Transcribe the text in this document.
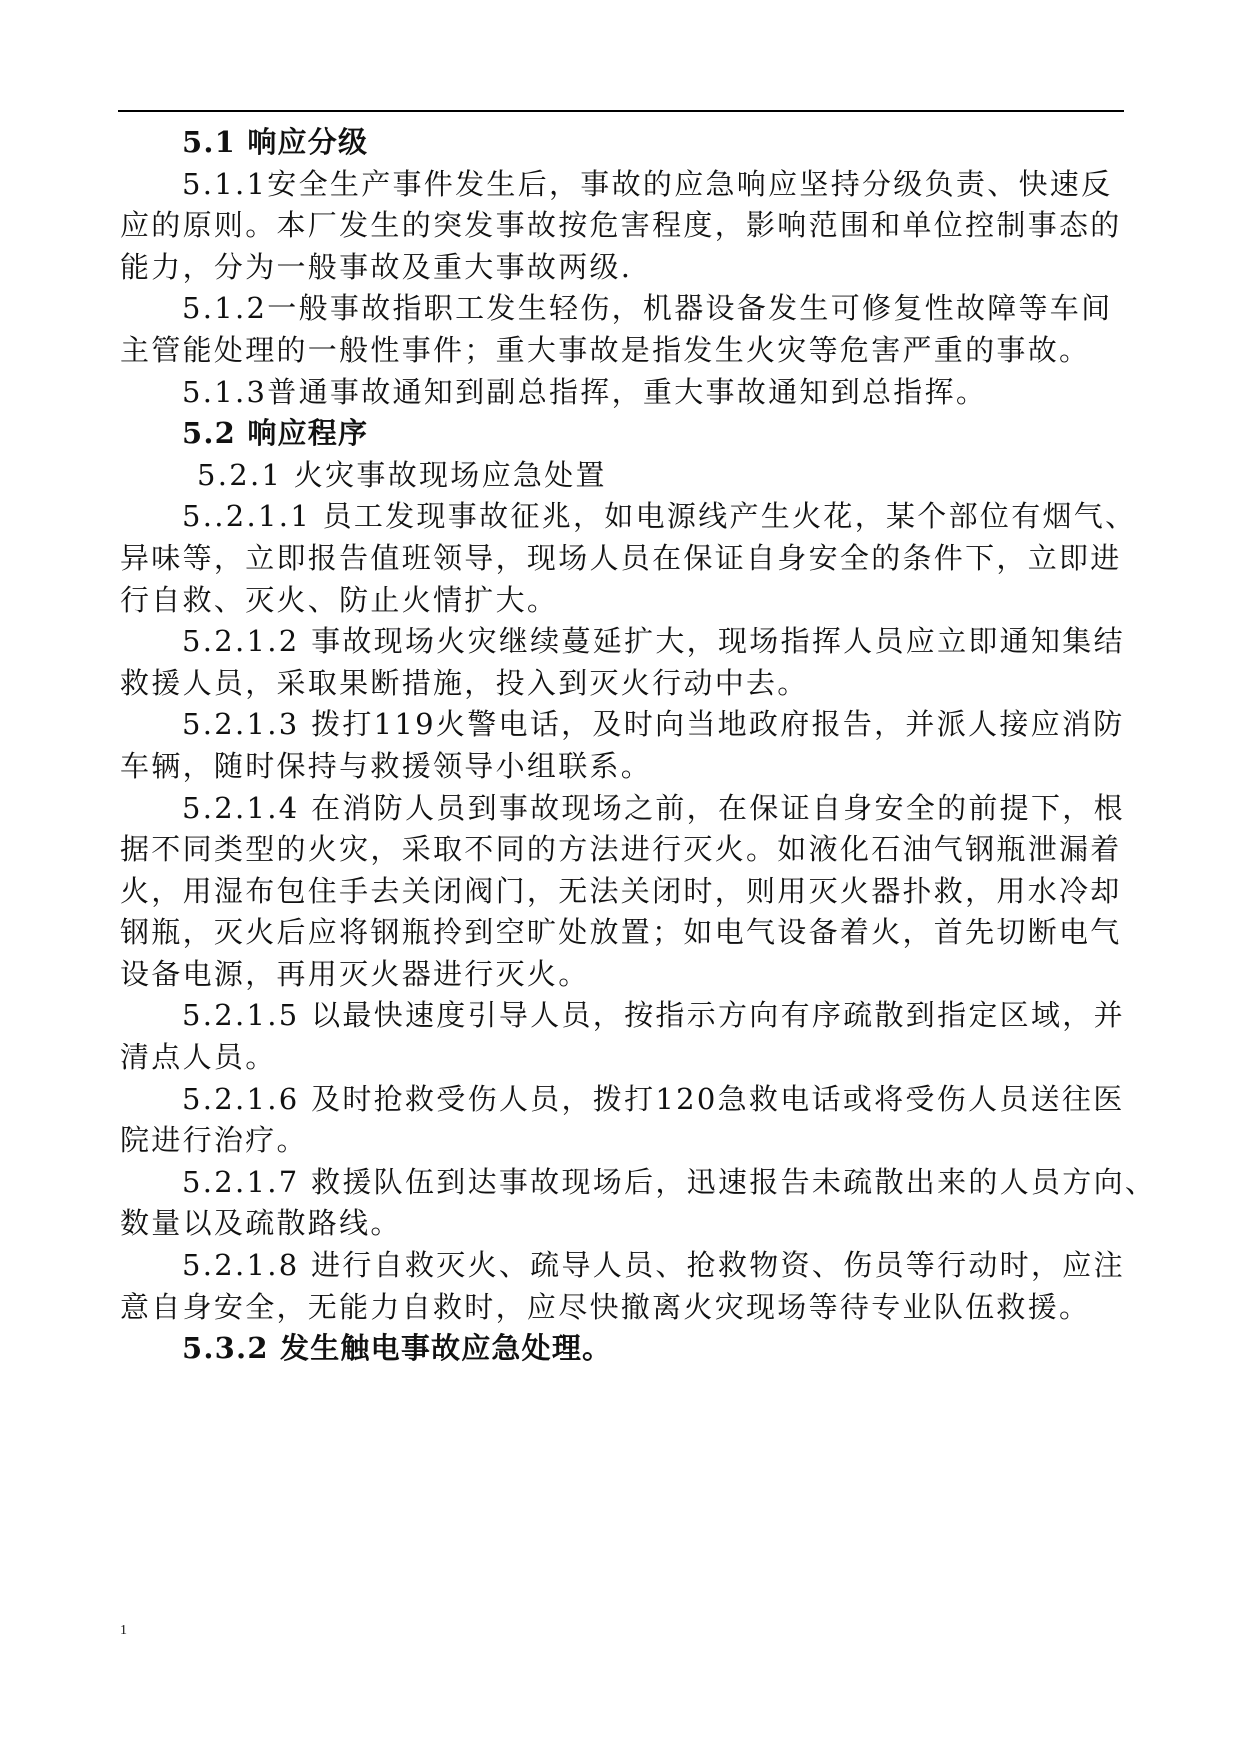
5.1 响应分级

5.1.1安全生产事件发生后，事故的应急响应坚持分级负责、快速反

应的原则。本厂发生的突发事故按危害程度，影响范围和单位控制事态的

能力，分为一般事故及重大事故两级.

5.1.2一般事故指职工发生轻伤，机器设备发生可修复性故障等车间

主管能处理的一般性事件；重大事故是指发生火灾等危害严重的事故。

5.1.3普通事故通知到副总指挥，重大事故通知到总指挥。

5.2 响应程序

5.2.1 火灾事故现场应急处置

5..2.1.1 员工发现事故征兆，如电源线产生火花，某个部位有烟气、

异味等，立即报告值班领导，现场人员在保证自身安全的条件下，立即进

行自救、灭火、防止火情扩大。

5.2.1.2 事故现场火灾继续蔓延扩大，现场指挥人员应立即通知集结

救援人员，采取果断措施，投入到灭火行动中去。

5.2.1.3 拨打119火警电话，及时向当地政府报告，并派人接应消防

车辆，随时保持与救援领导小组联系。

5.2.1.4 在消防人员到事故现场之前，在保证自身安全的前提下，根

据不同类型的火灾，采取不同的方法进行灭火。如液化石油气钢瓶泄漏着

火，用湿布包住手去关闭阀门，无法关闭时，则用灭火器扑救，用水冷却

钢瓶，灭火后应将钢瓶拎到空旷处放置；如电气设备着火，首先切断电气

设备电源，再用灭火器进行灭火。

5.2.1.5 以最快速度引导人员，按指示方向有序疏散到指定区域，并

清点人员。

5.2.1.6 及时抢救受伤人员，拨打120急救电话或将受伤人员送往医

院进行治疗。

5.2.1.7 救援队伍到达事故现场后，迅速报告未疏散出来的人员方向、

数量以及疏散路线。

5.2.1.8 进行自救灭火、疏导人员、抢救物资、伤员等行动时，应注

意自身安全，无能力自救时，应尽快撤离火灾现场等待专业队伍救援。

5.3.2 发生触电事故应急处理。

1
